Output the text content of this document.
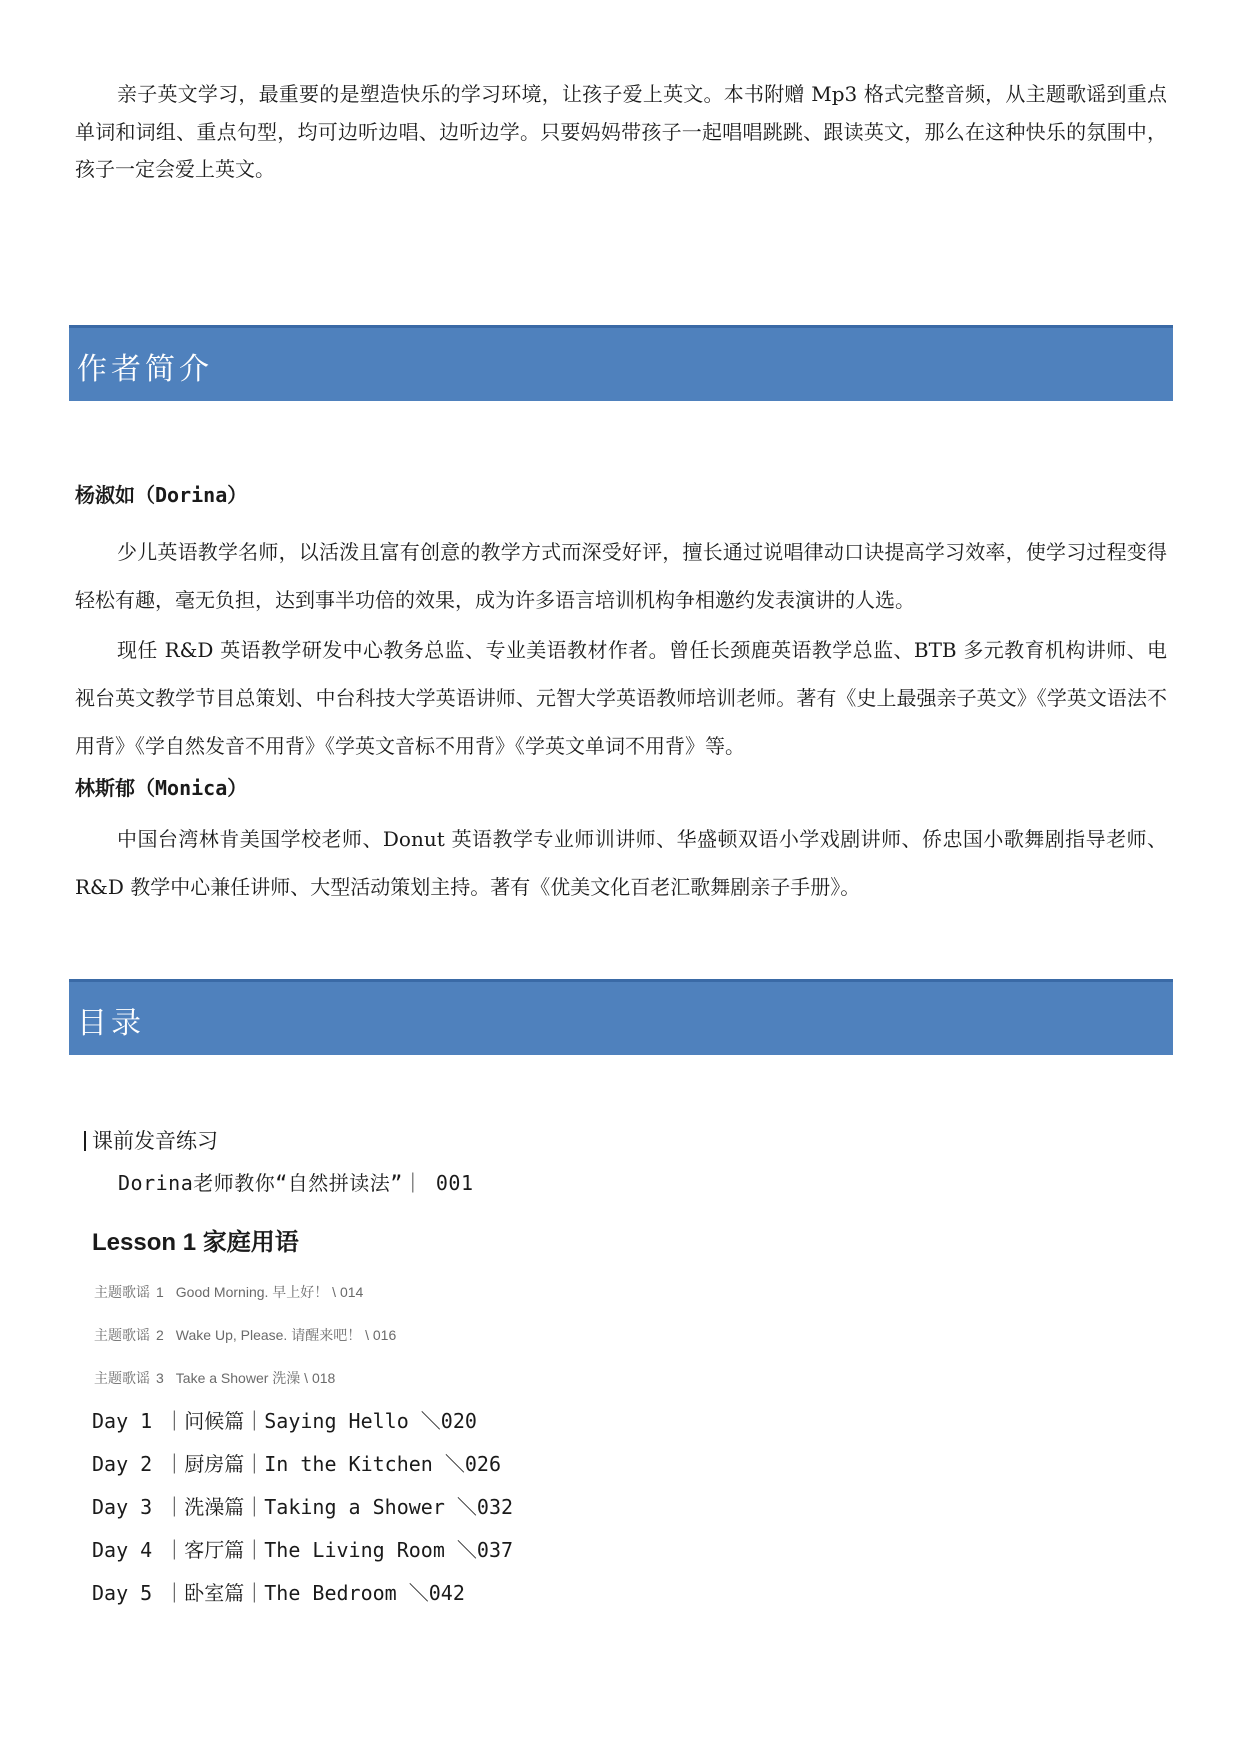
亲子英文学习，最重要的是塑造快乐的学习环境，让孩子爱上英文。本书附赠 Mp3 格式完整音频，从主题歌谣到重点单词和词组、重点句型，均可边听边唱、边听边学。只要妈妈带孩子一起唱唱跳跳、跟读英文，那么在这种快乐的氛围中，孩子一定会爱上英文。

作者简介
杨淑如（Dorina）

少儿英语教学名师，以活泼且富有创意的教学方式而深受好评，擅长通过说唱律动口诀提高学习效率，使学习过程变得轻松有趣，毫无负担，达到事半功倍的效果，成为许多语言培训机构争相邀约发表演讲的人选。

现任 R&D 英语教学研发中心教务总监、专业美语教材作者。曾任长颈鹿英语教学总监、BTB 多元教育机构讲师、电视台英文教学节目总策划、中台科技大学英语讲师、元智大学英语教师培训老师。著有《史上最强亲子英文》《学英文语法不用背》《学自然发音不用背》《学英文音标不用背》《学英文单词不用背》等。

林斯郁（Monica）

中国台湾林肯美国学校老师、Donut 英语教学专业师训讲师、华盛顿双语小学戏剧讲师、侨忠国小歌舞剧指导老师、R&D 教学中心兼任讲师、大型活动策划主持。著有《优美文化百老汇歌舞剧亲子手册》。

目录
课前发音练习
Dorina老师教你“自然拼读法”｜ 001
Lesson 1 家庭用语
主题歌谣 1 Good Morning. 早上好！ \ 014
主题歌谣 2 Wake Up, Please. 请醒来吧！ \ 016
主题歌谣 3 Take a Shower 洗澡 \ 018
Day 1 ｜问候篇｜Saying Hello ＼020
Day 2 ｜厨房篇｜In the Kitchen ＼026
Day 3 ｜洗澡篇｜Taking a Shower ＼032
Day 4 ｜客厅篇｜The Living Room ＼037
Day 5 ｜卧室篇｜The Bedroom ＼042
